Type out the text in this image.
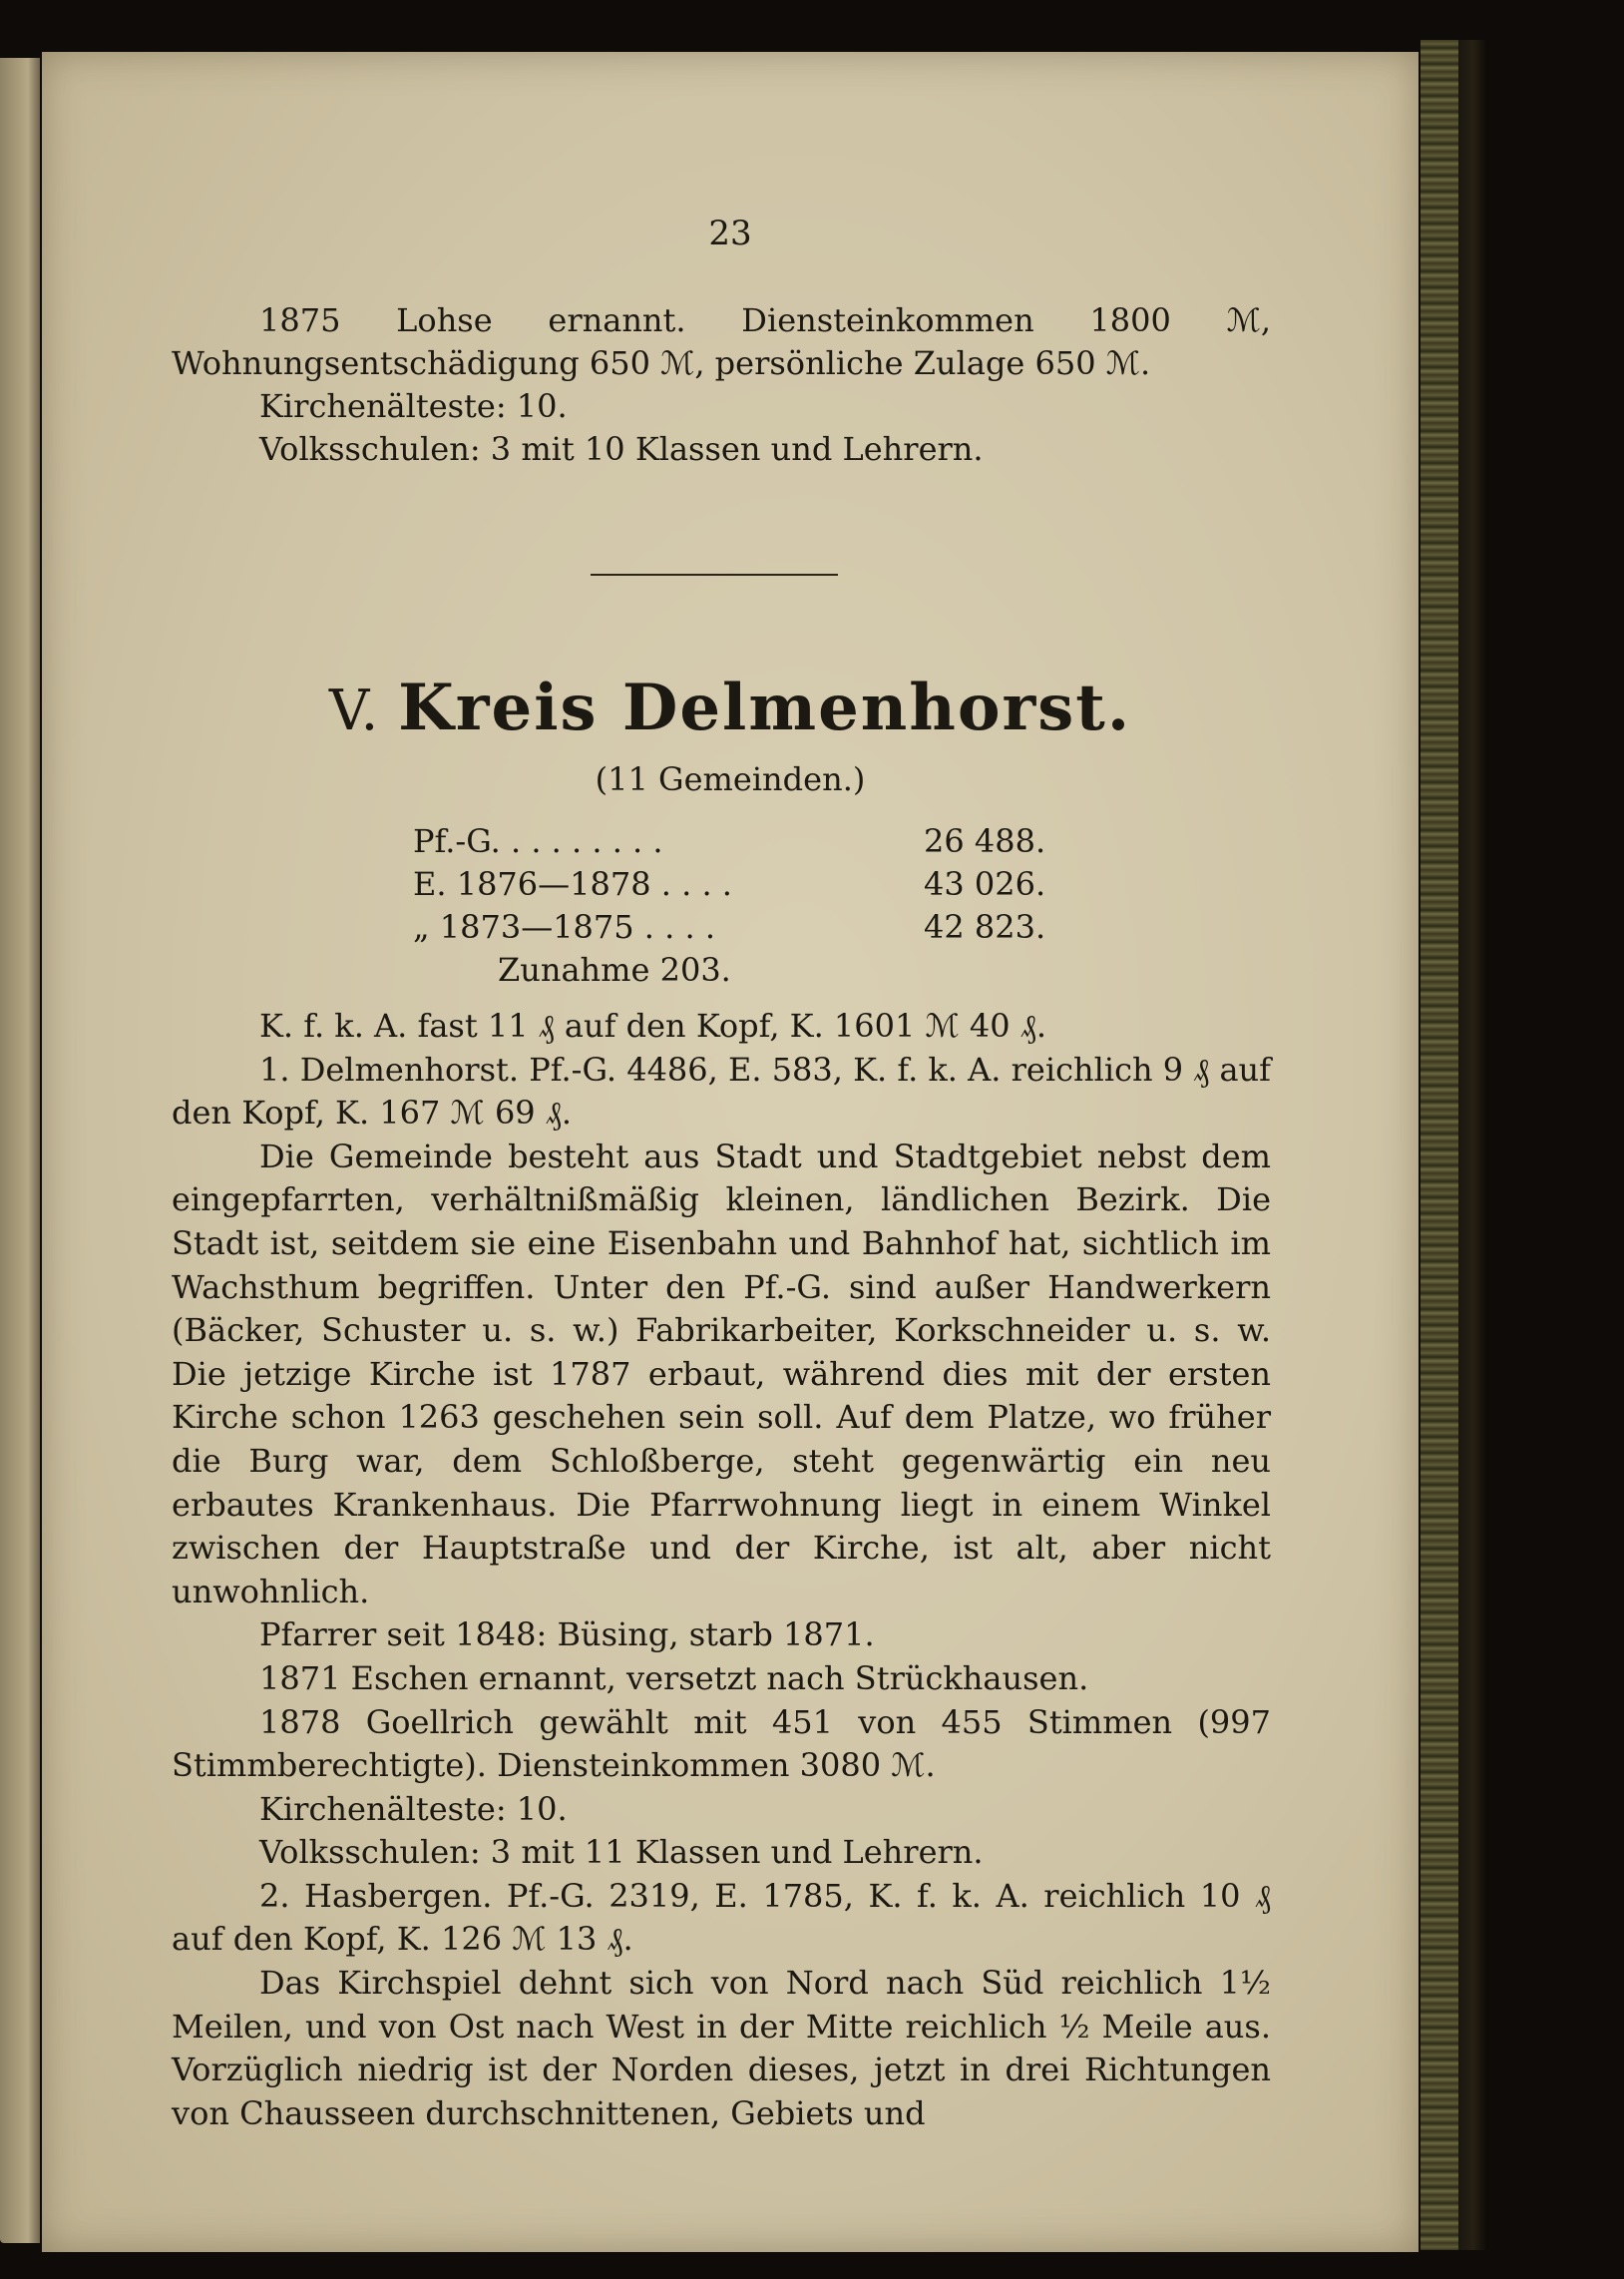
23

1875 Lohse ernannt. Diensteinkommen 1800 ℳ, Wohnungsentschädigung 650 ℳ, persönliche Zulage 650 ℳ.

Kirchenälteste: 10.

Volksschulen: 3 mit 10 Klassen und Lehrern.

V. Kreis Delmenhorst.
(11 Gemeinden.)
Pf.-G. . . . . . . . .	26 488.
E. 1876—1878 . . . .	43 026.
„ 1873—1875 . . . .	42 823.
Zunahme 203.

K. f. k. A. fast 11 ₰ auf den Kopf, K. 1601 ℳ 40 ₰.

1. Delmenhorst. Pf.-G. 4486, E. 583, K. f. k. A. reichlich 9 ₰ auf den Kopf, K. 167 ℳ 69 ₰.

Die Gemeinde besteht aus Stadt und Stadtgebiet nebst dem eingepfarrten, verhältnißmäßig kleinen, ländlichen Bezirk. Die Stadt ist, seitdem sie eine Eisenbahn und Bahnhof hat, sichtlich im Wachsthum begriffen. Unter den Pf.-G. sind außer Handwerkern (Bäcker, Schuster u. s. w.) Fabrikarbeiter, Korkschneider u. s. w. Die jetzige Kirche ist 1787 erbaut, während dies mit der ersten Kirche schon 1263 geschehen sein soll. Auf dem Platze, wo früher die Burg war, dem Schloßberge, steht gegenwärtig ein neu erbautes Krankenhaus. Die Pfarrwohnung liegt in einem Winkel zwischen der Hauptstraße und der Kirche, ist alt, aber nicht unwohnlich.

Pfarrer seit 1848: Büsing, starb 1871.

1871 Eschen ernannt, versetzt nach Strückhausen.

1878 Goellrich gewählt mit 451 von 455 Stimmen (997 Stimmberechtigte). Diensteinkommen 3080 ℳ.

Kirchenälteste: 10.

Volksschulen: 3 mit 11 Klassen und Lehrern.

2. Hasbergen. Pf.-G. 2319, E. 1785, K. f. k. A. reichlich 10 ₰ auf den Kopf, K. 126 ℳ 13 ₰.

Das Kirchspiel dehnt sich von Nord nach Süd reichlich 1½ Meilen, und von Ost nach West in der Mitte reichlich ½ Meile aus. Vorzüglich niedrig ist der Norden dieses, jetzt in drei Richtungen von Chausseen durchschnittenen, Gebiets und
